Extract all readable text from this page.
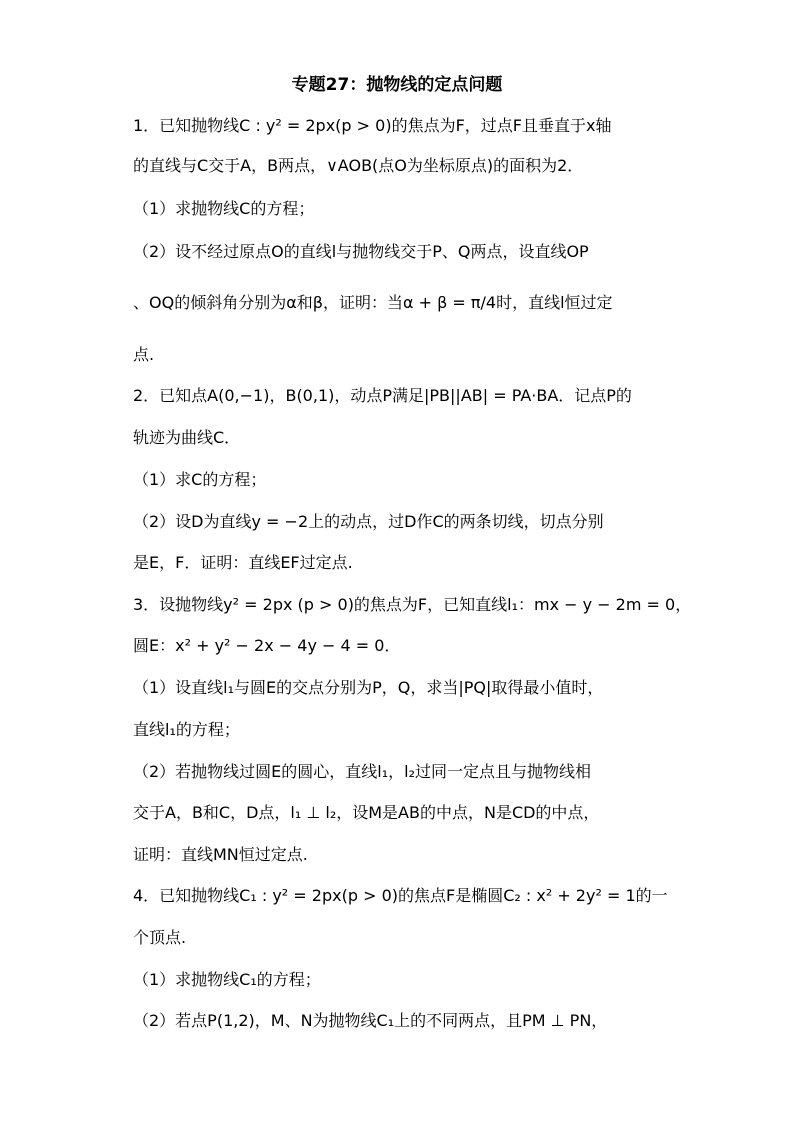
专题27：抛物线的定点问题
1．已知抛物线C : y² = 2px(p > 0)的焦点为F，过点F且垂直于x轴
的直线与C交于A，B两点，∨AOB(点O为坐标原点)的面积为2．
（1）求抛物线C的方程；
（2）设不经过原点O的直线l与抛物线交于P、Q两点，设直线OP
、OQ的倾斜角分别为α和β，证明：当α + β = π/4时，直线l恒过定
点.
2．已知点A(0,−1)，B(0,1)，动点P满足|PB||AB| = PA·BA．记点P的
轨迹为曲线C．
（1）求C的方程；
（2）设D为直线y = −2上的动点，过D作C的两条切线，切点分别
是E，F．证明：直线EF过定点.
3．设抛物线y² = 2px (p > 0)的焦点为F，已知直线l₁：mx − y − 2m = 0，
圆E：x² + y² − 2x − 4y − 4 = 0．
（1）设直线l₁与圆E的交点分别为P，Q，求当|PQ|取得最小值时，
直线l₁的方程；
（2）若抛物线过圆E的圆心，直线l₁，l₂过同一定点且与抛物线相
交于A，B和C，D点，l₁ ⊥ l₂，设M是AB的中点，N是CD的中点，
证明：直线MN恒过定点.
4．已知抛物线C₁ : y² = 2px(p > 0)的焦点F是椭圆C₂ : x² + 2y² = 1的一
个顶点.
（1）求抛物线C₁的方程；
（2）若点P(1,2)，M、N为抛物线C₁上的不同两点，且PM ⊥ PN，
